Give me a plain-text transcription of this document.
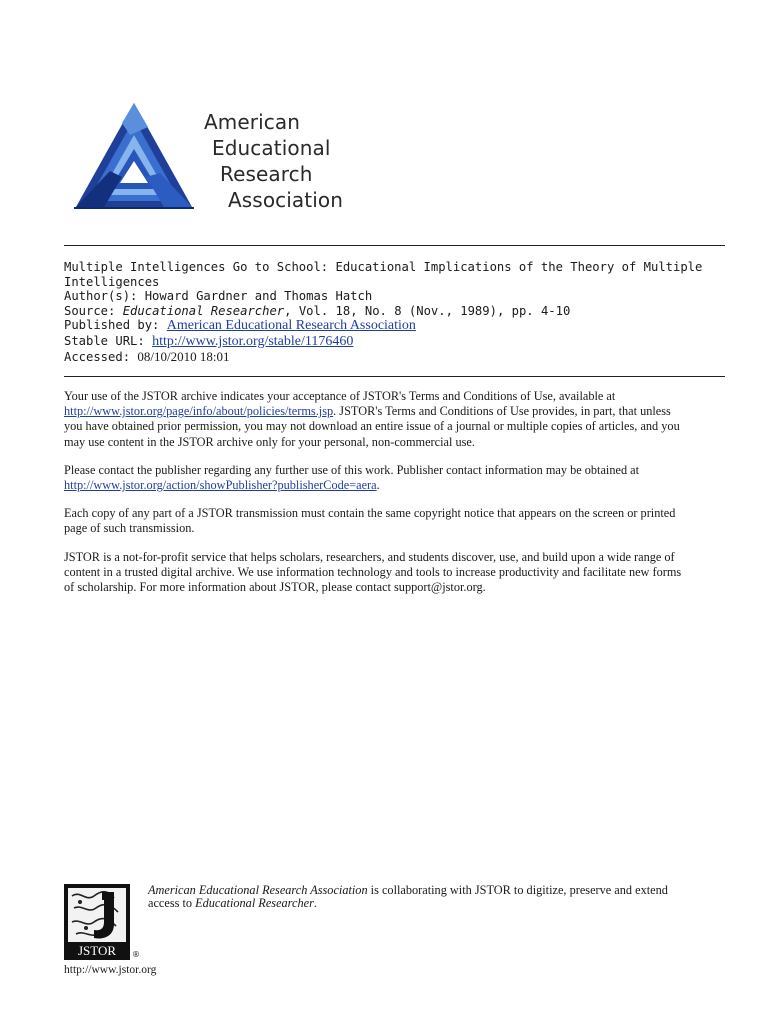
American
Educational
Research
Association
Multiple Intelligences Go to School: Educational Implications of the Theory of Multiple
Intelligences
Author(s): Howard Gardner and Thomas Hatch
Source: Educational Researcher, Vol. 18, No. 8 (Nov., 1989), pp. 4-10
Published by: American Educational Research Association
Stable URL: http://www.jstor.org/stable/1176460
Accessed: 08/10/2010 18:01

Your use of the JSTOR archive indicates your acceptance of JSTOR's Terms and Conditions of Use, available at
http://www.jstor.org/page/info/about/policies/terms.jsp. JSTOR's Terms and Conditions of Use provides, in part, that unless
you have obtained prior permission, you may not download an entire issue of a journal or multiple copies of articles, and you
may use content in the JSTOR archive only for your personal, non-commercial use.

Please contact the publisher regarding any further use of this work. Publisher contact information may be obtained at
http://www.jstor.org/action/showPublisher?publisherCode=aera.

Each copy of any part of a JSTOR transmission must contain the same copyright notice that appears on the screen or printed
page of such transmission.

JSTOR is a not-for-profit service that helps scholars, researchers, and students discover, use, and build upon a wide range of
content in a trusted digital archive. We use information technology and tools to increase productivity and facilitate new forms
of scholarship. For more information about JSTOR, please contact support@jstor.org.

JSTOR ®
http://www.jstor.org
American Educational Research Association is collaborating with JSTOR to digitize, preserve and extend
access to Educational Researcher.
